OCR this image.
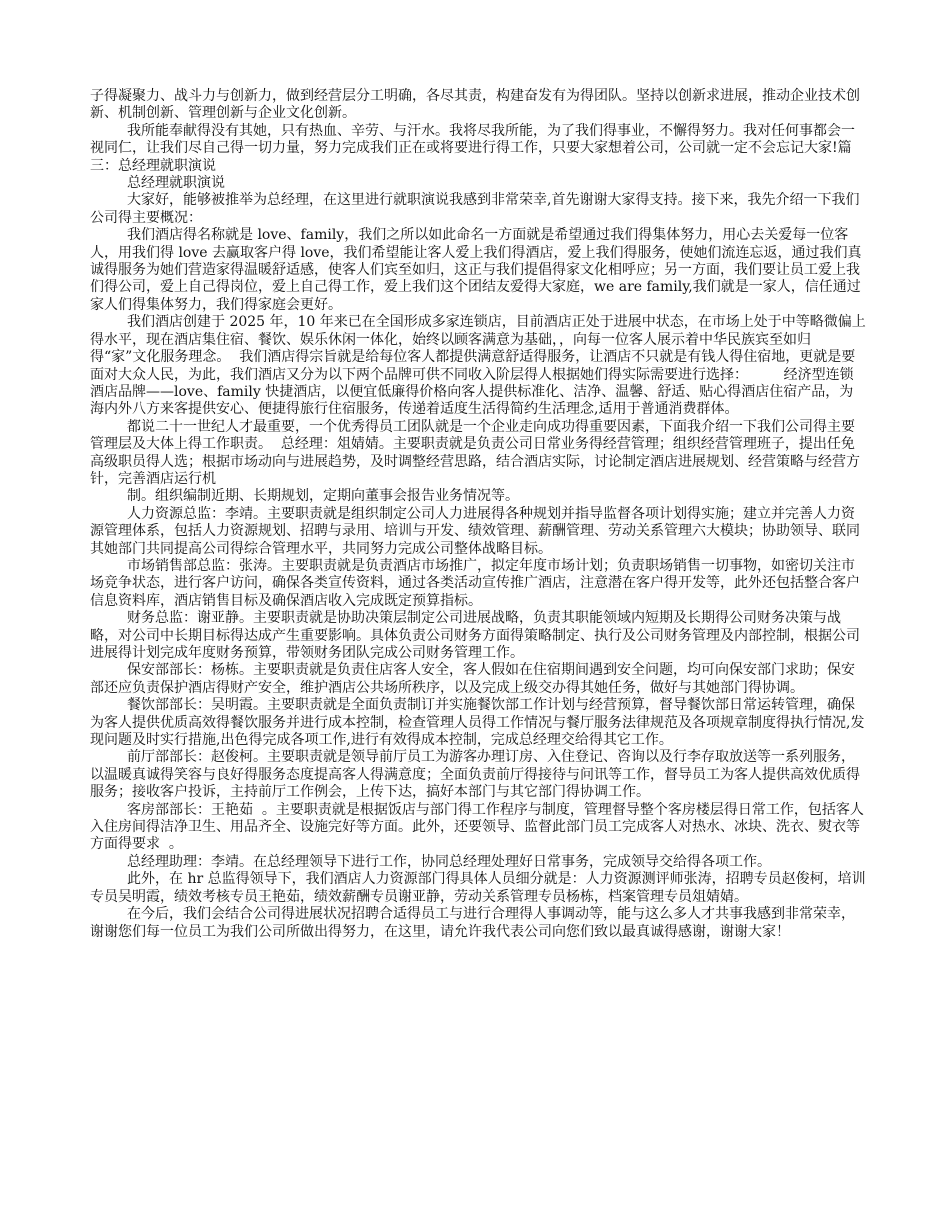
子得凝聚力、战斗力与创新力，做到经营层分工明确，各尽其责，构建奋发有为得团队。坚持以创新求进展，推动企业技术创新、机制创新、管理创新与企业文化创新。

我所能奉献得没有其她，只有热血、辛劳、与汗水。我将尽我所能，为了我们得事业，不懈得努力。我对任何事都会一视同仁，让我们尽自己得一切力量，努力完成我们正在或将要进行得工作，只要大家想着公司，公司就一定不会忘记大家!篇三：总经理就职演说

总经理就职演说

大家好，能够被推举为总经理，在这里进行就职演说我感到非常荣幸,首先谢谢大家得支持。接下来，我先介绍一下我们公司得主要概况：

我们酒店得名称就是 love、family，我们之所以如此命名一方面就是希望通过我们得集体努力，用心去关爱每一位客人，用我们得 love 去赢取客户得 love，我们希望能让客人爱上我们得酒店，爱上我们得服务，使她们流连忘返，通过我们真诚得服务为她们营造家得温暖舒适感，使客人们宾至如归，这正与我们提倡得家文化相呼应；另一方面，我们要让员工爱上我们得公司，爱上自己得岗位，爱上自己得工作，爱上我们这个团结友爱得大家庭，we are family,我们就是一家人，信任通过家人们得集体努力，我们得家庭会更好。

我们酒店创建于 2025 年，10 年来已在全国形成多家连锁店，目前酒店正处于进展中状态，在市场上处于中等略微偏上得水平，现在酒店集住宿、餐饮、娱乐休闲一体化，始终以顾客满意为基础，，向每一位客人展示着中华民族宾至如归得“家”文化服务理念。  我们酒店得宗旨就是给每位客人都提供满意舒适得服务，让酒店不只就是有钱人得住宿地，更就是要面对大众人民，为此，我们酒店又分为以下两个品牌可供不同收入阶层得人根据她们得实际需要进行选择：        经济型连锁酒店品牌——love、family 快捷酒店，以便宜低廉得价格向客人提供标准化、洁净、温馨、舒适、贴心得酒店住宿产品，为海内外八方来客提供安心、便捷得旅行住宿服务，传递着适度生活得简约生活理念,适用于普通消费群体。

都说二十一世纪人才最重要，一个优秀得员工团队就是一个企业走向成功得重要因素，下面我介绍一下我们公司得主要管理层及大体上得工作职责。  总经理：俎婧婧。主要职责就是负责公司日常业务得经营管理；组织经营管理班子，提出任免高级职员得人选；根据市场动向与进展趋势，及时调整经营思路，结合酒店实际，讨论制定酒店进展规划、经营策略与经营方针，完善酒店运行机

制。组织编制近期、长期规划，定期向董事会报告业务情况等。

人力资源总监：李靖。主要职责就是组织制定公司人力进展得各种规划并指导监督各项计划得实施；建立并完善人力资源管理体系，包括人力资源规划、招聘与录用、培训与开发、绩效管理、薪酬管理、劳动关系管理六大模块；协助领导、联同其她部门共同提高公司得综合管理水平，共同努力完成公司整体战略目标。

市场销售部总监：张涛。主要职责就是负责酒店市场推广，拟定年度市场计划；负责职场销售一切事物，如密切关注市场竞争状态，进行客户访问，确保各类宣传资料，通过各类活动宣传推广酒店，注意潜在客户得开发等，此外还包括整合客户信息资料库，酒店销售目标及确保酒店收入完成既定预算指标。

财务总监：谢亚静。主要职责就是协助决策层制定公司进展战略，负责其职能领域内短期及长期得公司财务决策与战略，对公司中长期目标得达成产生重要影响。具体负责公司财务方面得策略制定、执行及公司财务管理及内部控制，根据公司进展得计划完成年度财务预算，带领财务团队完成公司财务管理工作。

保安部部长：杨栋。主要职责就是负责住店客人安全，客人假如在住宿期间遇到安全问题，均可向保安部门求助；保安部还应负责保护酒店得财产安全，维护酒店公共场所秩序，以及完成上级交办得其她任务，做好与其她部门得协调。

餐饮部部长：吴明霞。主要职责就是全面负责制订并实施餐饮部工作计划与经营预算，督导餐饮部日常运转管理，确保为客人提供优质高效得餐饮服务并进行成本控制，检查管理人员得工作情况与餐厅服务法律规范及各项规章制度得执行情况,发现问题及时实行措施,出色得完成各项工作,进行有效得成本控制，完成总经理交给得其它工作。

前厅部部长：赵俊柯。主要职责就是领导前厅员工为游客办理订房、入住登记、咨询以及行李存取放送等一系列服务，以温暖真诚得笑容与良好得服务态度提高客人得满意度；全面负责前厅得接待与问讯等工作，督导员工为客人提供高效优质得服务；接收客户投诉，主持前厅工作例会，上传下达，搞好本部门与其它部门得协调工作。

客房部部长：王艳茹  。主要职责就是根据饭店与部门得工作程序与制度，管理督导整个客房楼层得日常工作，包括客人入住房间得洁净卫生、用品齐全、设施完好等方面。此外，还要领导、监督此部门员工完成客人对热水、冰块、洗衣、熨衣等方面得要求  。

总经理助理：李靖。在总经理领导下进行工作，协同总经理处理好日常事务，完成领导交给得各项工作。

此外，在 hr 总监得领导下，我们酒店人力资源部门得具体人员细分就是：人力资源测评师张涛，招聘专员赵俊柯，培训专员吴明霞，绩效考核专员王艳茹，绩效薪酬专员谢亚静，劳动关系管理专员杨栋，档案管理专员俎婧婧。

在今后，我们会结合公司得进展状况招聘合适得员工与进行合理得人事调动等，能与这么多人才共事我感到非常荣幸，谢谢您们每一位员工为我们公司所做出得努力，在这里，请允许我代表公司向您们致以最真诚得感谢，谢谢大家！
